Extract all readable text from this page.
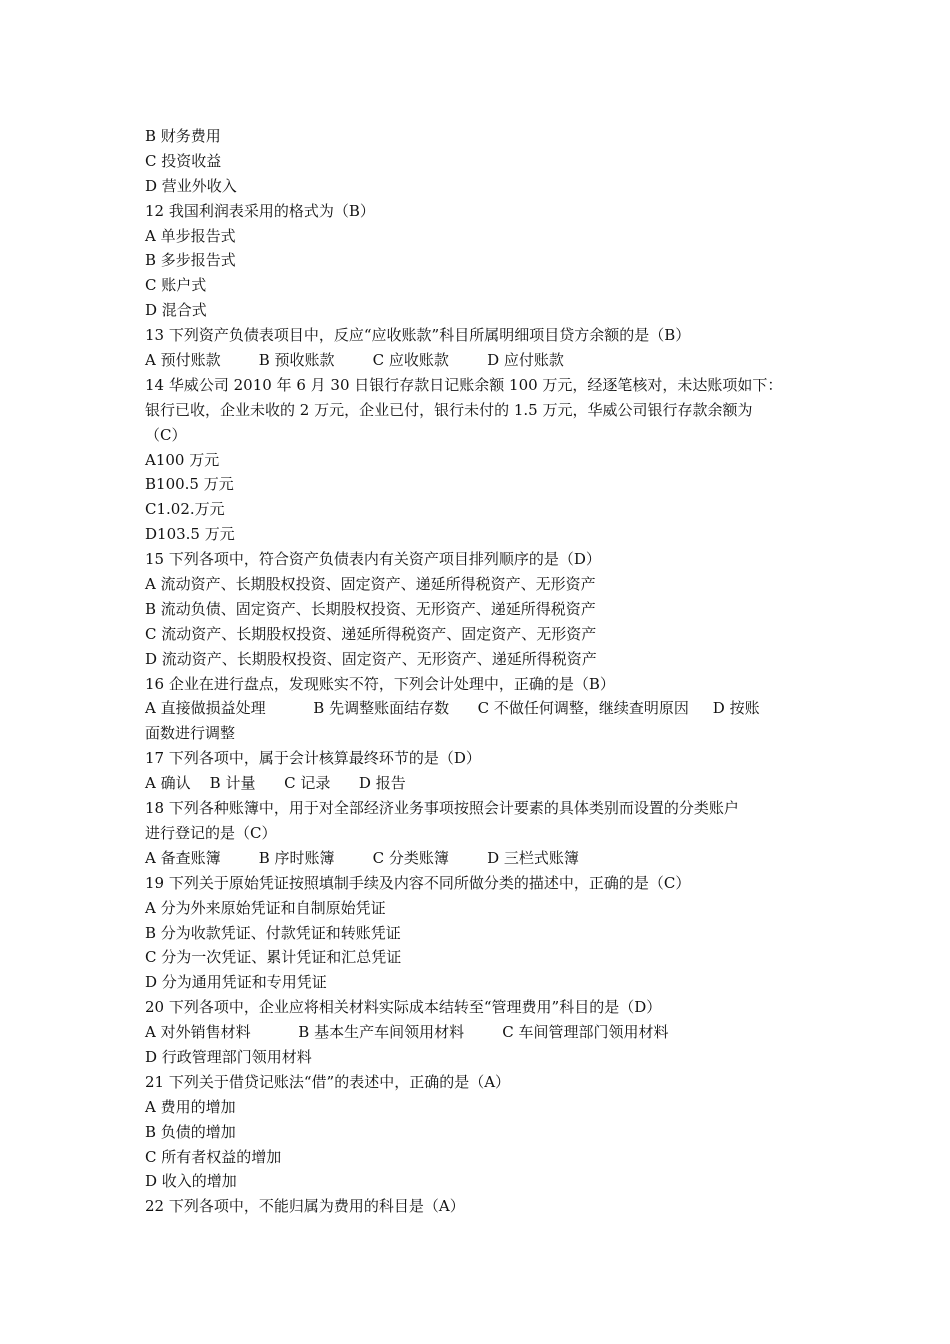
B 财务费用
C 投资收益
D 营业外收入
12 我国利润表采用的格式为（B）
A 单步报告式
B 多步报告式
C 账户式
D 混合式
13 下列资产负债表项目中，反应“应收账款”科目所属明细项目贷方余额的是（B）
A 预付账款        B 预收账款        C 应收账款        D 应付账款
14 华威公司 2010 年 6 月 30 日银行存款日记账余额 100 万元，经逐笔核对，未达账项如下：
银行已收，企业未收的 2 万元，企业已付，银行未付的 1.5 万元，华威公司银行存款余额为
（C）
A100 万元
B100.5 万元
C1.02.万元
D103.5 万元
15 下列各项中，符合资产负债表内有关资产项目排列顺序的是（D）
A 流动资产、长期股权投资、固定资产、递延所得税资产、无形资产
B 流动负债、固定资产、长期股权投资、无形资产、递延所得税资产
C 流动资产、长期股权投资、递延所得税资产、固定资产、无形资产
D 流动资产、长期股权投资、固定资产、无形资产、递延所得税资产
16 企业在进行盘点，发现账实不符，下列会计处理中，正确的是（B）
A 直接做损益处理          B 先调整账面结存数      C 不做任何调整，继续查明原因     D 按账
面数进行调整
17 下列各项中，属于会计核算最终环节的是（D）
A 确认    B 计量      C 记录      D 报告
18 下列各种账簿中，用于对全部经济业务事项按照会计要素的具体类别而设置的分类账户
进行登记的是（C）
A 备查账簿        B 序时账簿        C 分类账簿        D 三栏式账簿
19 下列关于原始凭证按照填制手续及内容不同所做分类的描述中，正确的是（C）
A 分为外来原始凭证和自制原始凭证
B 分为收款凭证、付款凭证和转账凭证
C 分为一次凭证、累计凭证和汇总凭证
D 分为通用凭证和专用凭证
20 下列各项中，企业应将相关材料实际成本结转至“管理费用”科目的是（D）
A 对外销售材料          B 基本生产车间领用材料        C 车间管理部门领用材料
D 行政管理部门领用材料
21 下列关于借贷记账法“借”的表述中，正确的是（A）
A 费用的增加
B 负债的增加
C 所有者权益的增加
D 收入的增加
22 下列各项中，不能归属为费用的科目是（A）
